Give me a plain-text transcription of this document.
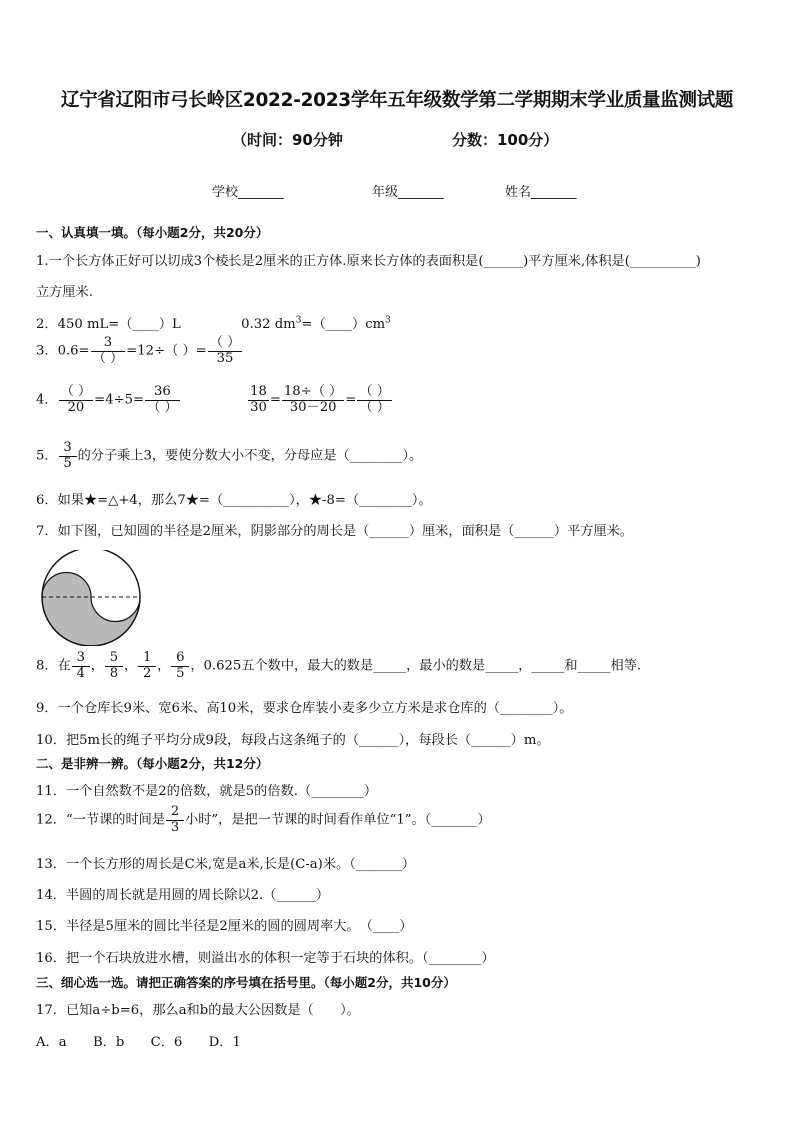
辽宁省辽阳市弓长岭区2022-2023学年五年级数学第二学期期末学业质量监测试题
（时间：90分钟	分数：100分）
学校_______	年级_______	姓名_______
一、认真填一填。（每小题2分，共20分）
1.一个长方体正好可以切成3个棱长是2厘米的正方体.原来长方体的表面积是(______)平方厘米,体积是(__________)
立方厘米.
2．450 mL=（____）L	0.32 $dm^3=(\_\_\_\_)cm^3$
3．$0.6= \frac{3}{( )} =12\div$（ ）= $\frac{( )}{35}$
4． $\frac{( )}{20} =4\div 5= \frac{36}{( )}$
	$\frac{18}{30} = \frac{18\div( )}{30-20} = \frac{( )}{( )}$
5． $\frac{3}{5}$ 的分子乘上3，要使分数大小不变，分母应是（________）。
6．如果★=△+4，那么7★=（__________），★-8=（________）。
7．如下图，已知圆的半径是2厘米，阴影部分的周长是（______）厘米，面积是（______）平方厘米。
8．在 $\frac{3}{4}$ ， $\frac{5}{8}$ ， $\frac{1}{2}$ ， $\frac{6}{5}$ ，0.625五个数中，最大的数是_____，最小的数是_____，_____和_____相等.
9．一个仓库长9米、宽6米、高10米，要求仓库装小麦多少立方米是求仓库的（________）。
10．把5m长的绳子平均分成9段，每段占这条绳子的（______），每段长（______）m。
二、是非辨一辨。（每小题2分，共12分）
11．一个自然数不是2的倍数，就是5的倍数.（________）
12．“一节课的时间是 $\frac{2}{3}$ 小时”，是把一节课的时间看作单位“1”。（_______）
13．一个长方形的周长是C米,宽是a米,长是(C-a)米。（_______）
14．半圆的周长就是用圆的周长除以2.（______）
15．半径是5厘米的圆比半径是2厘米的圆的圆周率大。　（____）
16．把一个石块放进水槽，则溢出水的体积一定等于石块的体积。（________）
三、细心选一选。请把正确答案的序号填在括号里。（每小题2分，共10分）
17．已知a÷b=6，那么a和b的最大公因数是（　　）。
A．a　　B．b　　C．6　　D．1
